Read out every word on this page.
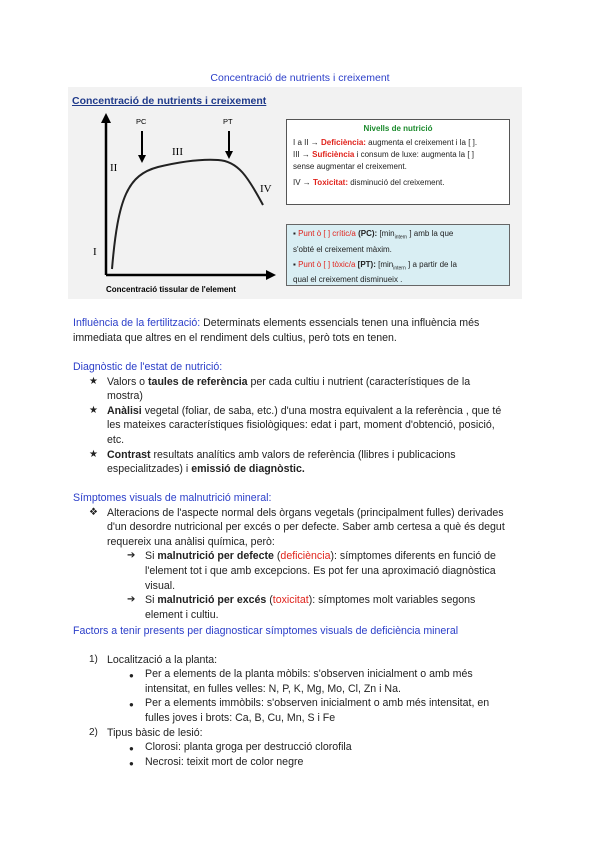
Concentració de nutrients i creixement
PC	PT
I
II
III
IV
Concentració tissular de l'element
Concentració de nutrients i creixement
Nivells de nutrició
I a II → Deficiència: augmenta el creixement i la [ ].
III → Suficiència i consum de luxe: augmenta la [ ]
sense augmentar el creixement.
IV → Toxicitat: disminució del creixement.
▪ Punt ò [ ] crític/a (PC): [$\min_{intern}$ ] amb la que
s'obté el creixement màxim.
▪ Punt ò [ ] tòxic/a [PT): [$\min_{intern}$ ] a partir de la
qual el creixement disminueix .
Influència de la fertilització: Determinats elements essencials tenen una influència més
immediata que altres en el rendiment dels cultius, però tots en tenen.
Diagnòstic de l'estat de nutrició:
★ Valors o taules de referència per cada cultiu i nutrient (característiques de la
mostra)
★ Anàlisi vegetal (foliar, de saba, etc.) d'una mostra equivalent a la referència , que té
les mateixes característiques fisiològiques: edat i part, moment d'obtenció, posició,
etc.
★ Contrast resultats analítics amb valors de referència (llibres i publicacions
especialitzades) i emissió de diagnòstic.
Símptomes visuals de malnutrició mineral:
❖ Alteracions de l'aspecte normal dels òrgans vegetals (principalment fulles) derivades
d'un desordre nutricional per excés o per defecte. Saber amb certesa a què és degut
requereix una anàlisi química, però:
➔ Si malnutrició per defecte (deficiència): símptomes diferents en funció de
l'element tot i que amb excepcions. Es pot fer una aproximació diagnòstica
visual.
➔ Si malnutrició per excés (toxicitat): símptomes molt variables segons
element i cultiu.
Factors a tenir presents per diagnosticar símptomes visuals de deficiència mineral
1) Localització a la planta:
● Per a elements de la planta mòbils: s'observen inicialment o amb més
intensitat, en fulles velles: N, P, K, Mg, Mo, Cl, Zn i Na.
● Per a elements immòbils: s'observen inicialment o amb més intensitat, en
fulles joves i brots: Ca, B, Cu, Mn, S i Fe
2) Tipus bàsic de lesió:
● Clorosi: planta groga per destrucció clorofila
● Necrosi: teixit mort de color negre
